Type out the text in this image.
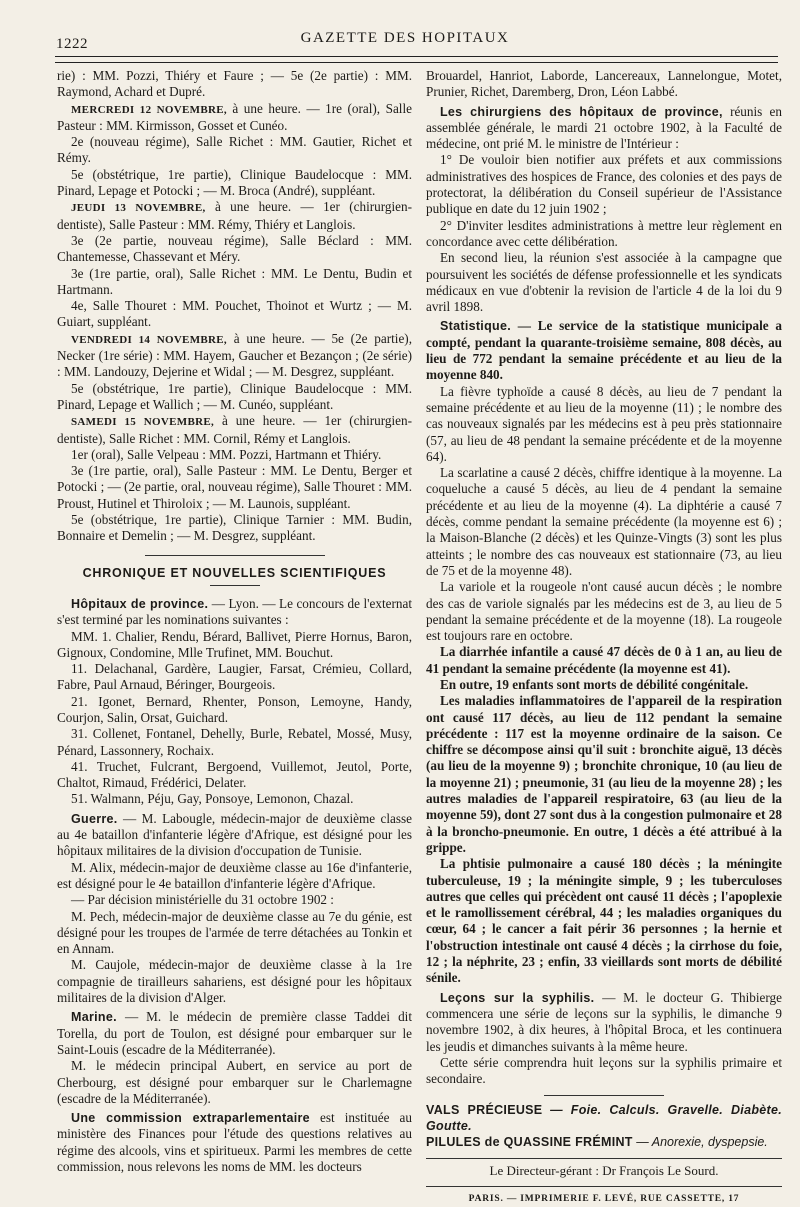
1222	GAZETTE DES HOPITAUX

rie) : MM. Pozzi, Thiéry et Faure ; — 5e (2e partie) : MM. Raymond, Achard et Dupré.

MERCREDI 12 NOVEMBRE, à une heure. — 1re (oral), Salle Pasteur : MM. Kirmisson, Gosset et Cunéo.

2e (nouveau régime), Salle Richet : MM. Gautier, Richet et Rémy.

5e (obstétrique, 1re partie), Clinique Baudelocque : MM. Pinard, Lepage et Potocki ; — M. Broca (André), suppléant.

JEUDI 13 NOVEMBRE, à une heure. — 1er (chirurgien-dentiste), Salle Pasteur : MM. Rémy, Thiéry et Langlois.

3e (2e partie, nouveau régime), Salle Béclard : MM. Chantemesse, Chassevant et Méry.

3e (1re partie, oral), Salle Richet : MM. Le Dentu, Budin et Hartmann.

4e, Salle Thouret : MM. Pouchet, Thoinot et Wurtz ; — M. Guiart, suppléant.

VENDREDI 14 NOVEMBRE, à une heure. — 5e (2e partie), Necker (1re série) : MM. Hayem, Gaucher et Bezançon ; (2e série) : MM. Landouzy, Dejerine et Widal ; — M. Desgrez, suppléant.

5e (obstétrique, 1re partie), Clinique Baudelocque : MM. Pinard, Lepage et Wallich ; — M. Cunéo, suppléant.

SAMEDI 15 NOVEMBRE, à une heure. — 1er (chirurgien-dentiste), Salle Richet : MM. Cornil, Rémy et Langlois.

1er (oral), Salle Velpeau : MM. Pozzi, Hartmann et Thiéry.

3e (1re partie, oral), Salle Pasteur : MM. Le Dentu, Berger et Potocki ; — (2e partie, oral, nouveau régime), Salle Thouret : MM. Proust, Hutinel et Thiroloix ; — M. Launois, suppléant.

5e (obstétrique, 1re partie), Clinique Tarnier : MM. Budin, Bonnaire et Demelin ; — M. Desgrez, suppléant.

CHRONIQUE ET NOUVELLES SCIENTIFIQUES

Hôpitaux de province. — Lyon. — Le concours de l'externat s'est terminé par les nominations suivantes :

MM. 1. Chalier, Rendu, Bérard, Ballivet, Pierre Hornus, Baron, Gignoux, Condomine, Mlle Trufinet, MM. Bouchut.

11. Delachanal, Gardère, Laugier, Farsat, Crémieu, Collard, Fabre, Paul Arnaud, Béringer, Bourgeois.

21. Igonet, Bernard, Rhenter, Ponson, Lemoyne, Handy, Courjon, Salin, Orsat, Guichard.

31. Collenet, Fontanel, Dehelly, Burle, Rebatel, Mossé, Musy, Pénard, Lassonnery, Rochaix.

41. Truchet, Fulcrant, Bergoend, Vuillemot, Jeutol, Porte, Chaltot, Rimaud, Frédérici, Delater.

51. Walmann, Péju, Gay, Ponsoye, Lemonon, Chazal.

Guerre. — M. Labougle, médecin-major de deuxième classe au 4e bataillon d'infanterie légère d'Afrique, est désigné pour les hôpitaux militaires de la division d'occupation de Tunisie.

M. Alix, médecin-major de deuxième classe au 16e d'infanterie, est désigné pour le 4e bataillon d'infanterie légère d'Afrique.

— Par décision ministérielle du 31 octobre 1902 :

M. Pech, médecin-major de deuxième classe au 7e du génie, est désigné pour les troupes de l'armée de terre détachées au Tonkin et en Annam.

M. Caujole, médecin-major de deuxième classe à la 1re compagnie de tirailleurs sahariens, est désigné pour les hôpitaux militaires de la division d'Alger.

Marine. — M. le médecin de première classe Taddei dit Torella, du port de Toulon, est désigné pour embarquer sur le Saint-Louis (escadre de la Méditerranée).

M. le médecin principal Aubert, en service au port de Cherbourg, est désigné pour embarquer sur le Charlemagne (escadre de la Méditerranée).

Une commission extraparlementaire est instituée au ministère des Finances pour l'étude des questions relatives au régime des alcools, vins et spiritueux. Parmi les membres de cette commission, nous relevons les noms de MM. les docteurs

Brouardel, Hanriot, Laborde, Lancereaux, Lannelongue, Motet, Prunier, Richet, Daremberg, Dron, Léon Labbé.

Les chirurgiens des hôpitaux de province, réunis en assemblée générale, le mardi 21 octobre 1902, à la Faculté de médecine, ont prié M. le ministre de l'Intérieur :

1° De vouloir bien notifier aux préfets et aux commissions administratives des hospices de France, des colonies et des pays de protectorat, la délibération du Conseil supérieur de l'Assistance publique en date du 12 juin 1902 ;

2° D'inviter lesdites administrations à mettre leur règlement en concordance avec cette délibération.

En second lieu, la réunion s'est associée à la campagne que poursuivent les sociétés de défense professionnelle et les syndicats médicaux en vue d'obtenir la revision de l'article 4 de la loi du 9 avril 1898.

Statistique. — Le service de la statistique municipale a compté, pendant la quarante-troisième semaine, 808 décès, au lieu de 772 pendant la semaine précédente et au lieu de la moyenne 840.

La fièvre typhoïde a causé 8 décès, au lieu de 7 pendant la semaine précédente et au lieu de la moyenne (11) ; le nombre des cas nouveaux signalés par les médecins est à peu près stationnaire (57, au lieu de 48 pendant la semaine précédente et de la moyenne 64).

La scarlatine a causé 2 décès, chiffre identique à la moyenne. La coqueluche a causé 5 décès, au lieu de 4 pendant la semaine précédente et au lieu de la moyenne (4). La diphtérie a causé 7 décès, comme pendant la semaine précédente (la moyenne est 6) ; la Maison-Blanche (2 décès) et les Quinze-Vingts (3) sont les plus atteints ; le nombre des cas nouveaux est stationnaire (73, au lieu de 75 et de la moyenne 48).

La variole et la rougeole n'ont causé aucun décès ; le nombre des cas de variole signalés par les médecins est de 3, au lieu de 5 pendant la semaine précédente et de la moyenne (18). La rougeole est toujours rare en octobre.

La diarrhée infantile a causé 47 décès de 0 à 1 an, au lieu de 41 pendant la semaine précédente (la moyenne est 41).

En outre, 19 enfants sont morts de débilité congénitale.

Les maladies inflammatoires de l'appareil de la respiration ont causé 117 décès, au lieu de 112 pendant la semaine précédente : 117 est la moyenne ordinaire de la saison. Ce chiffre se décompose ainsi qu'il suit : bronchite aiguë, 13 décès (au lieu de la moyenne 9) ; bronchite chronique, 10 (au lieu de la moyenne 21) ; pneumonie, 31 (au lieu de la moyenne 28) ; les autres maladies de l'appareil respiratoire, 63 (au lieu de la moyenne 59), dont 27 sont dus à la congestion pulmonaire et 28 à la broncho-pneumonie. En outre, 1 décès a été attribué à la grippe.

La phtisie pulmonaire a causé 180 décès ; la méningite tuberculeuse, 19 ; la méningite simple, 9 ; les tuberculoses autres que celles qui précèdent ont causé 11 décès ; l'apoplexie et le ramollissement cérébral, 44 ; les maladies organiques du cœur, 64 ; le cancer a fait périr 36 personnes ; la hernie et l'obstruction intestinale ont causé 4 décès ; la cirrhose du foie, 12 ; la néphrite, 23 ; enfin, 33 vieillards sont morts de débilité sénile.

Leçons sur la syphilis. — M. le docteur G. Thibierge commencera une série de leçons sur la syphilis, le dimanche 9 novembre 1902, à dix heures, à l'hôpital Broca, et les continuera les jeudis et dimanches suivants à la même heure.

Cette série comprendra huit leçons sur la syphilis primaire et secondaire.

VALS PRÉCIEUSE — Foie. Calculs. Gravelle. Diabète. Goutte.
PILULES de QUASSINE FRÉMINT — Anorexie, dyspepsie.
Le Directeur-gérant : Dr François Le Sourd.
PARIS. — IMPRIMERIE F. LEVÉ, RUE CASSETTE, 17
